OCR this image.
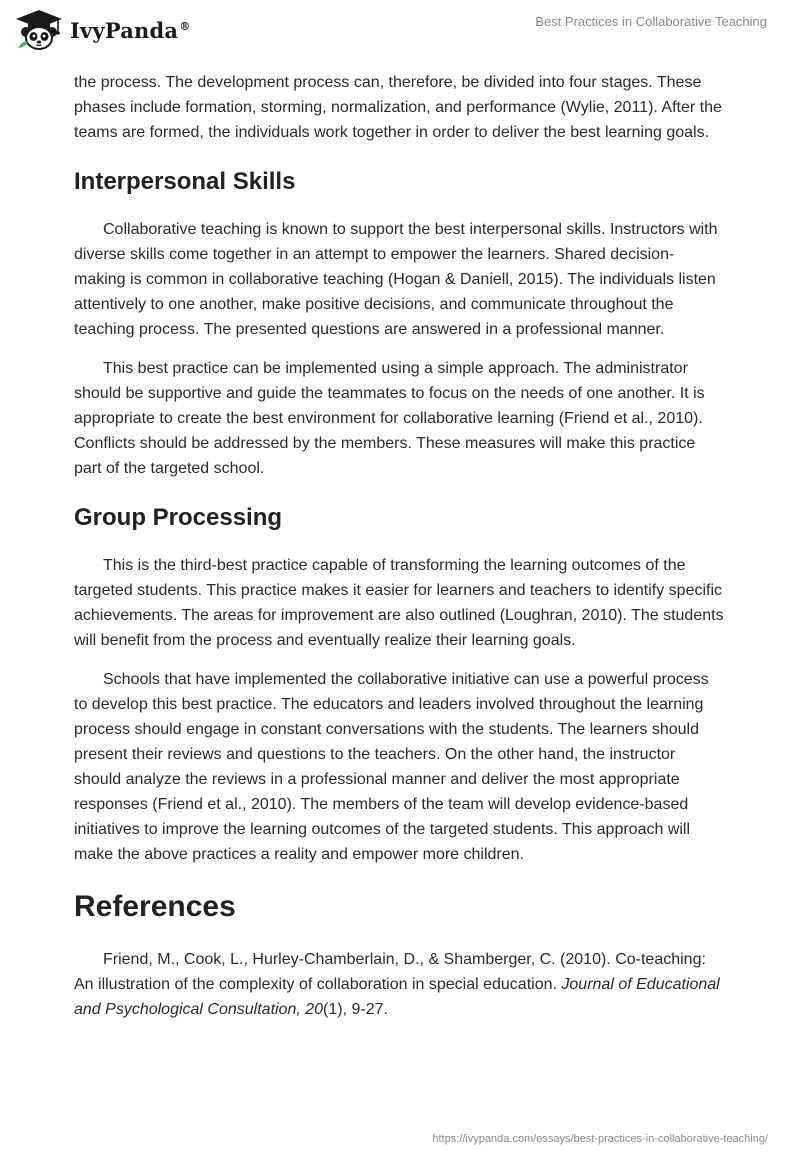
IvyPanda®	Best Practices in Collaborative Teaching

the process. The development process can, therefore, be divided into four stages. These phases include formation, storming, normalization, and performance (Wylie, 2011). After the teams are formed, the individuals work together in order to deliver the best learning goals.

Interpersonal Skills

Collaborative teaching is known to support the best interpersonal skills. Instructors with diverse skills come together in an attempt to empower the learners. Shared decision-making is common in collaborative teaching (Hogan & Daniell, 2015). The individuals listen attentively to one another, make positive decisions, and communicate throughout the teaching process. The presented questions are answered in a professional manner.

This best practice can be implemented using a simple approach. The administrator should be supportive and guide the teammates to focus on the needs of one another. It is appropriate to create the best environment for collaborative learning (Friend et al., 2010). Conflicts should be addressed by the members. These measures will make this practice part of the targeted school.

Group Processing

This is the third-best practice capable of transforming the learning outcomes of the targeted students. This practice makes it easier for learners and teachers to identify specific achievements. The areas for improvement are also outlined (Loughran, 2010). The students will benefit from the process and eventually realize their learning goals.

Schools that have implemented the collaborative initiative can use a powerful process to develop this best practice. The educators and leaders involved throughout the learning process should engage in constant conversations with the students. The learners should present their reviews and questions to the teachers. On the other hand, the instructor should analyze the reviews in a professional manner and deliver the most appropriate responses (Friend et al., 2010). The members of the team will develop evidence-based initiatives to improve the learning outcomes of the targeted students. This approach will make the above practices a reality and empower more children.

References

Friend, M., Cook, L., Hurley-Chamberlain, D., & Shamberger, C. (2010). Co-teaching: An illustration of the complexity of collaboration in special education. Journal of Educational and Psychological Consultation, 20(1), 9-27.

https://ivypanda.com/essays/best-practices-in-collaborative-teaching/
